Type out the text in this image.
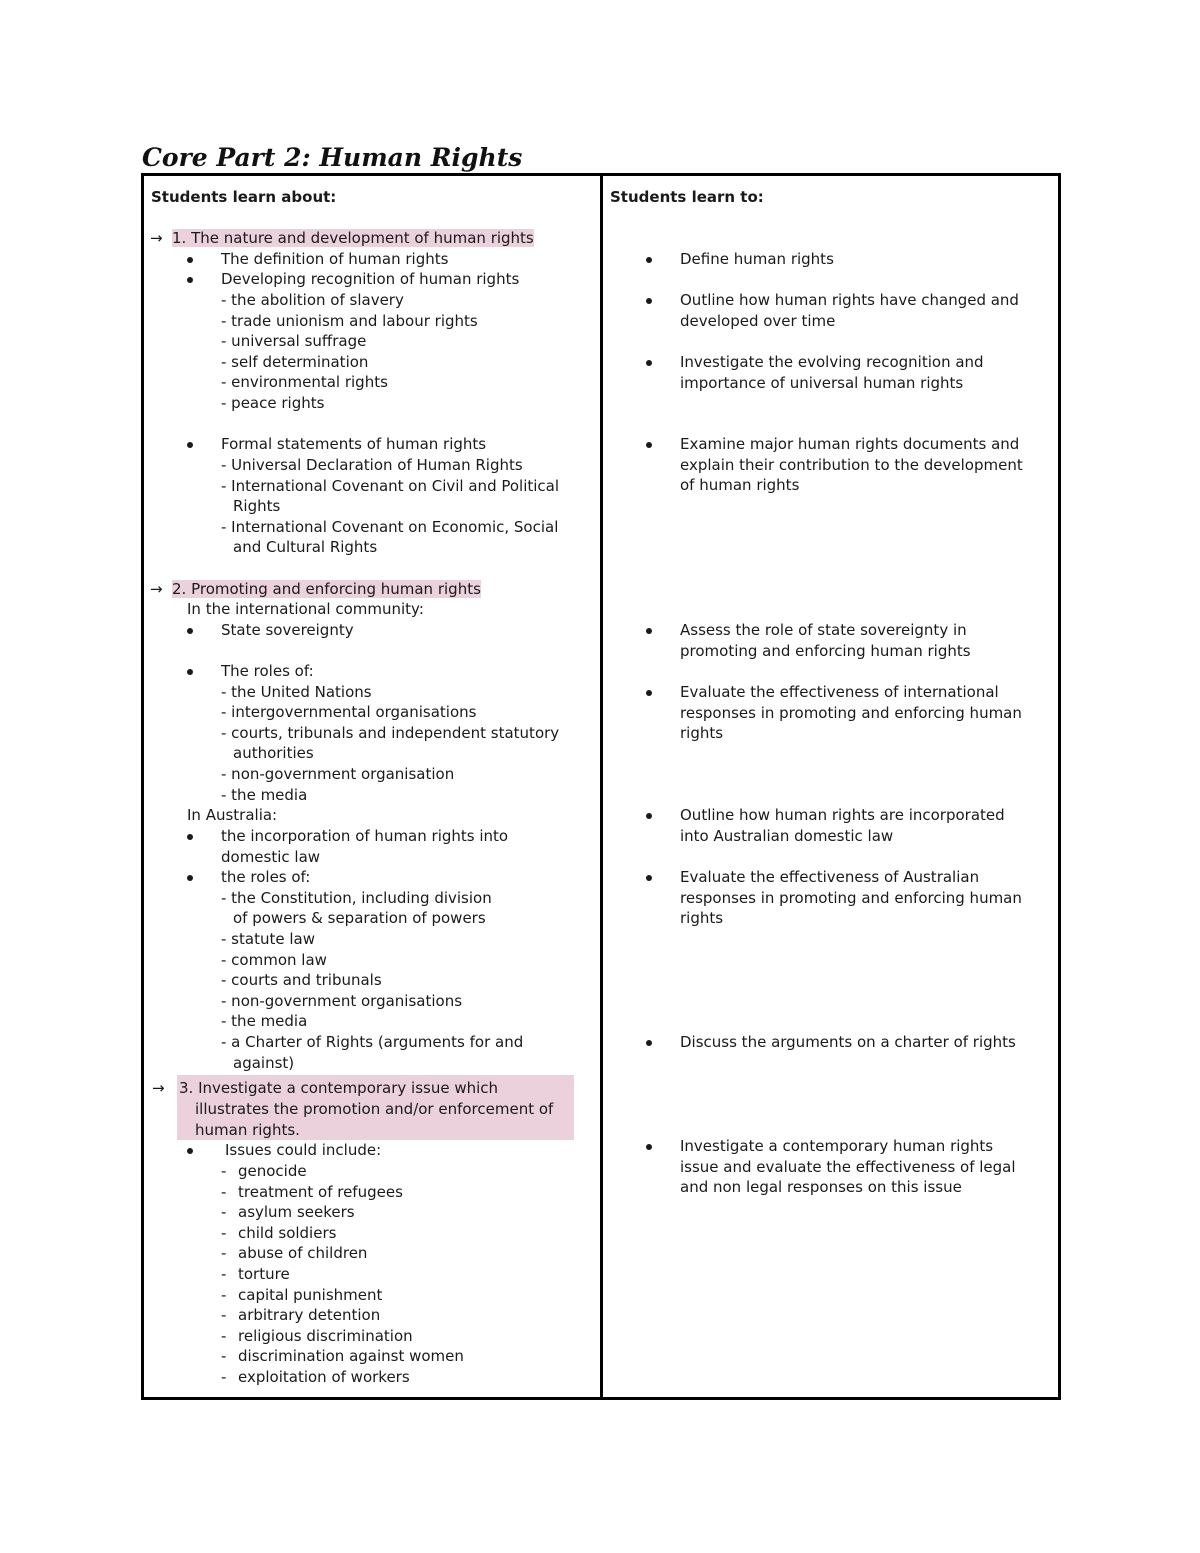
Core Part 2: Human Rights
Students learn about:	Students learn to:
→ 1. The nature and development of human rights
The definition of human rights
Developing recognition of human rights
- the abolition of slavery
- trade unionism and labour rights
- universal suffrage
- self determination
- environmental rights
- peace rights
Formal statements of human rights
- Universal Declaration of Human Rights
- International Covenant on Civil and Political
Rights
- International Covenant on Economic, Social
and Cultural Rights
→ 2. Promoting and enforcing human rights
In the international community:
State sovereignty
The roles of:
- the United Nations
- intergovernmental organisations
- courts, tribunals and independent statutory
authorities
- non-government organisation
- the media
In Australia:
the incorporation of human rights into
domestic law
the roles of:
- the Constitution, including division
of powers & separation of powers
- statute law
- common law
- courts and tribunals
- non-government organisations
- the media
- a Charter of Rights (arguments for and
against)
→ 3. Investigate a contemporary issue which
illustrates the promotion and/or enforcement of
human rights.
Issues could include:
- genocide
- treatment of refugees
- asylum seekers
- child soldiers
- abuse of children
- torture
- capital punishment
- arbitrary detention
- religious discrimination
- discrimination against women
- exploitation of workers
Define human rights
Outline how human rights have changed and
developed over time
Investigate the evolving recognition and
importance of universal human rights
Examine major human rights documents and
explain their contribution to the development
of human rights
Assess the role of state sovereignty in
promoting and enforcing human rights
Evaluate the effectiveness of international
responses in promoting and enforcing human
rights
Outline how human rights are incorporated
into Australian domestic law
Evaluate the effectiveness of Australian
responses in promoting and enforcing human
rights
Discuss the arguments on a charter of rights
Investigate a contemporary human rights
issue and evaluate the effectiveness of legal
and non legal responses on this issue
